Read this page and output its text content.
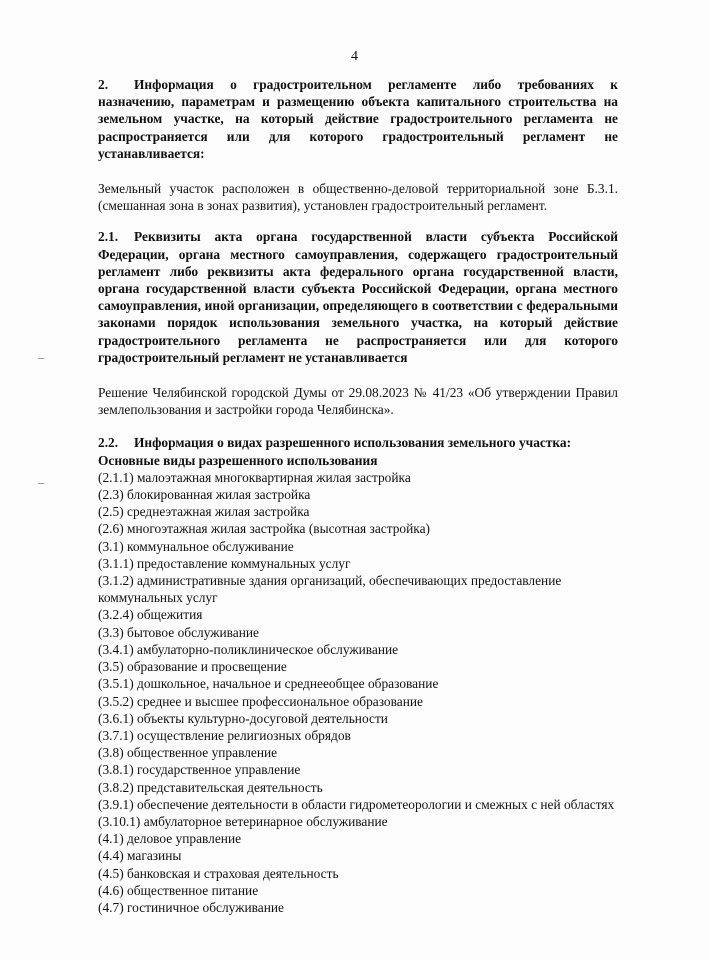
4

2. Информация о градостроительном регламенте либо требованиях к назначению, параметрам и размещению объекта капитального строительства на земельном участке, на который действие градостроительного регламента не распространяется или для которого градостроительный регламент не устанавливается:

Земельный участок расположен в общественно-деловой территориальной зоне Б.3.1. (смешанная зона в зонах развития), установлен градостроительный регламент.

2.1. Реквизиты акта органа государственной власти субъекта Российской Федерации, органа местного самоуправления, содержащего градостроительный регламент либо реквизиты акта федерального органа государственной власти, органа государственной власти субъекта Российской Федерации, органа местного самоуправления, иной организации, определяющего в соответствии с федеральными законами порядок использования земельного участка, на который действие градостроительного регламента не распространяется или для которого градостроительный регламент не устанавливается

Решение Челябинской городской Думы от 29.08.2023 № 41/23 «Об утверждении Правил землепользования и застройки города Челябинска».

2.2. Информация о видах разрешенного использования земельного участка:

Основные виды разрешенного использования

(2.1.1) малоэтажная многоквартирная жилая застройка
(2.3) блокированная жилая застройка
(2.5) среднеэтажная жилая застройка
(2.6) многоэтажная жилая застройка (высотная застройка)
(3.1) коммунальное обслуживание
(3.1.1) предоставление коммунальных услуг
(3.1.2) административные здания организаций, обеспечивающих предоставление коммунальных услуг
(3.2.4) общежития
(3.3) бытовое обслуживание
(3.4.1) амбулаторно-поликлиническое обслуживание
(3.5) образование и просвещение
(3.5.1) дошкольное, начальное и среднееобщее образование
(3.5.2) среднее и высшее профессиональное образование
(3.6.1) объекты культурно-досуговой деятельности
(3.7.1) осуществление религиозных обрядов
(3.8) общественное управление
(3.8.1) государственное управление
(3.8.2) представительская деятельность
(3.9.1) обеспечение деятельности в области гидрометеорологии и смежных с ней областях
(3.10.1) амбулаторное ветеринарное обслуживание
(4.1) деловое управление
(4.4) магазины
(4.5) банковская и страховая деятельность
(4.6) общественное питание
(4.7) гостиничное обслуживание
